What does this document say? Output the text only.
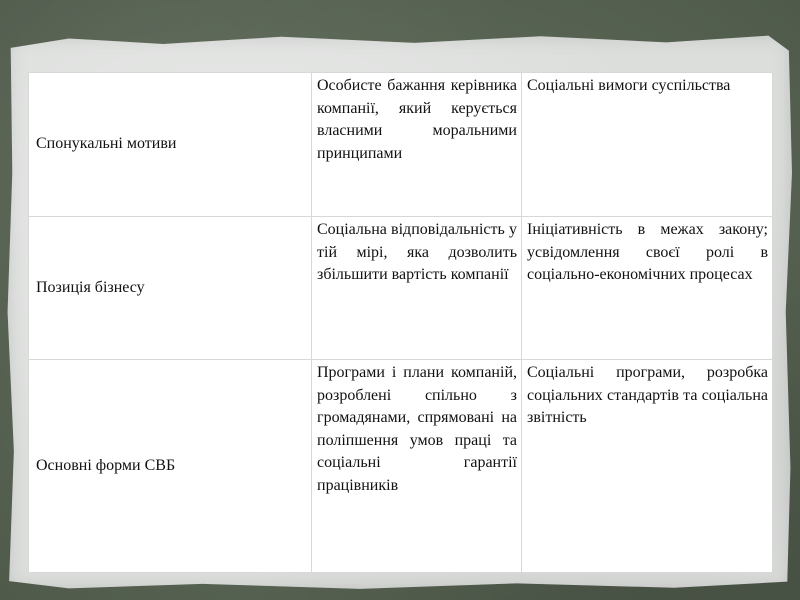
Спонукальні мотиви	Особисте бажання керівника компанії, який керується власними моральними принципами	Соціальні вимоги суспільства
Позиція бізнесу	Соціальна відповідальність у тій мірі, яка дозволить збільшити вартість компанії	Ініціативність в межах закону; усвідомлення своєї ролі в соціально-економічних процесах
Основні форми СВБ	Програми і плани компаній, розроблені спільно з громадянами, спрямовані на поліпшення умов праці та соціальні гарантії працівників	Соціальні програми, розробка соціальних стандартів та соціальна звітність
